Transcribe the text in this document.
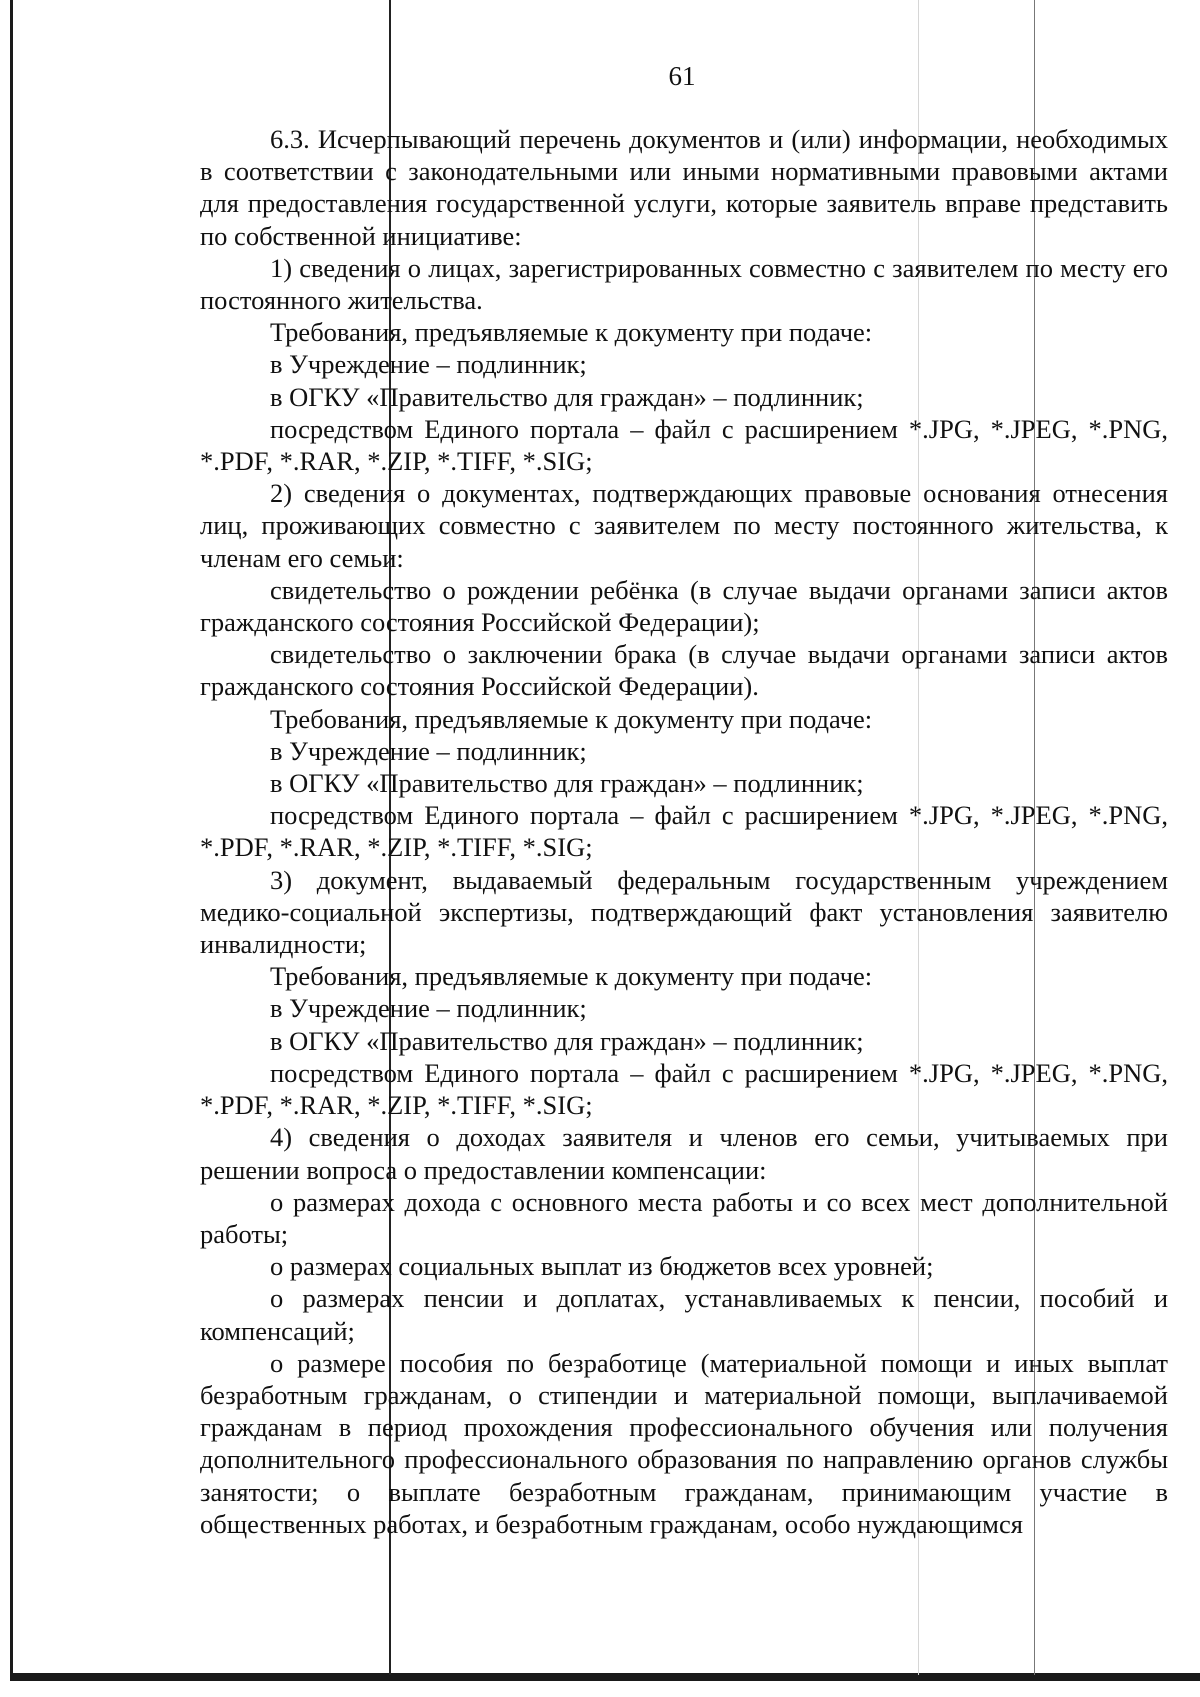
61

6.3. Исчерпывающий перечень документов и (или) информации, необходимых в соответствии с законодательными или иными нормативными правовыми актами для предоставления государственной услуги, которые заявитель вправе представить по собственной инициативе:

1) сведения о лицах, зарегистрированных совместно с заявителем по месту его постоянного жительства.

Требования, предъявляемые к документу при подаче:

в Учреждение – подлинник;

в ОГКУ «Правительство для граждан» – подлинник;

посредством Единого портала – файл с расширением *.JPG, *.JPEG, *.PNG, *.PDF, *.RAR, *.ZIP, *.TIFF, *.SIG;

2) сведения о документах, подтверждающих правовые основания отнесения лиц, проживающих совместно с заявителем по месту постоянного жительства, к членам его семьи:

свидетельство о рождении ребёнка (в случае выдачи органами записи актов гражданского состояния Российской Федерации);

свидетельство о заключении брака (в случае выдачи органами записи актов гражданского состояния Российской Федерации).

Требования, предъявляемые к документу при подаче:

в Учреждение – подлинник;

в ОГКУ «Правительство для граждан» – подлинник;

посредством Единого портала – файл с расширением *.JPG, *.JPEG, *.PNG, *.PDF, *.RAR, *.ZIP, *.TIFF, *.SIG;

3) документ, выдаваемый федеральным государственным учреждением медико-социальной экспертизы, подтверждающий факт установления заявителю инвалидности;

Требования, предъявляемые к документу при подаче:

в Учреждение – подлинник;

в ОГКУ «Правительство для граждан» – подлинник;

посредством Единого портала – файл с расширением *.JPG, *.JPEG, *.PNG, *.PDF, *.RAR, *.ZIP, *.TIFF, *.SIG;

4) сведения о доходах заявителя и членов его семьи, учитываемых при решении вопроса о предоставлении компенсации:

о размерах дохода с основного места работы и со всех мест дополнительной работы;

о размерах социальных выплат из бюджетов всех уровней;

о размерах пенсии и доплатах, устанавливаемых к пенсии, пособий и компенсаций;

о размере пособия по безработице (материальной помощи и иных выплат безработным гражданам, о стипендии и материальной помощи, выплачиваемой гражданам в период прохождения профессионального обучения или получения дополнительного профессионального образования по направлению органов службы занятости; о выплате безработным гражданам, принимающим участие в общественных работах, и безработным гражданам, особо нуждающимся
